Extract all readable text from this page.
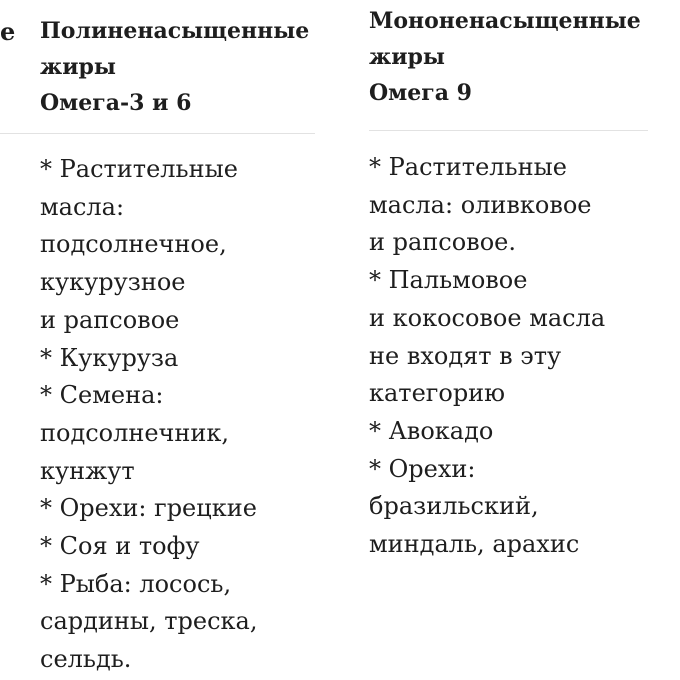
е Полиненасыщенные
жиры
Омега-3 и 6
Мононенасыщенные
жиры
Омега 9
* Растительные
масла:
подсолнечное,
кукурузное
и рапсовое
* Кукуруза
* Семена:
подсолнечник,
кунжут
* Орехи: грецкие
* Соя и тофу
* Рыба: лосось,
сардины, треска,
сельдь.
* Растительные
масла: оливковое
и рапсовое.
* Пальмовое
и кокосовое масла
не входят в эту
категорию
* Авокадо
* Орехи:
бразильский,
миндаль, арахис
